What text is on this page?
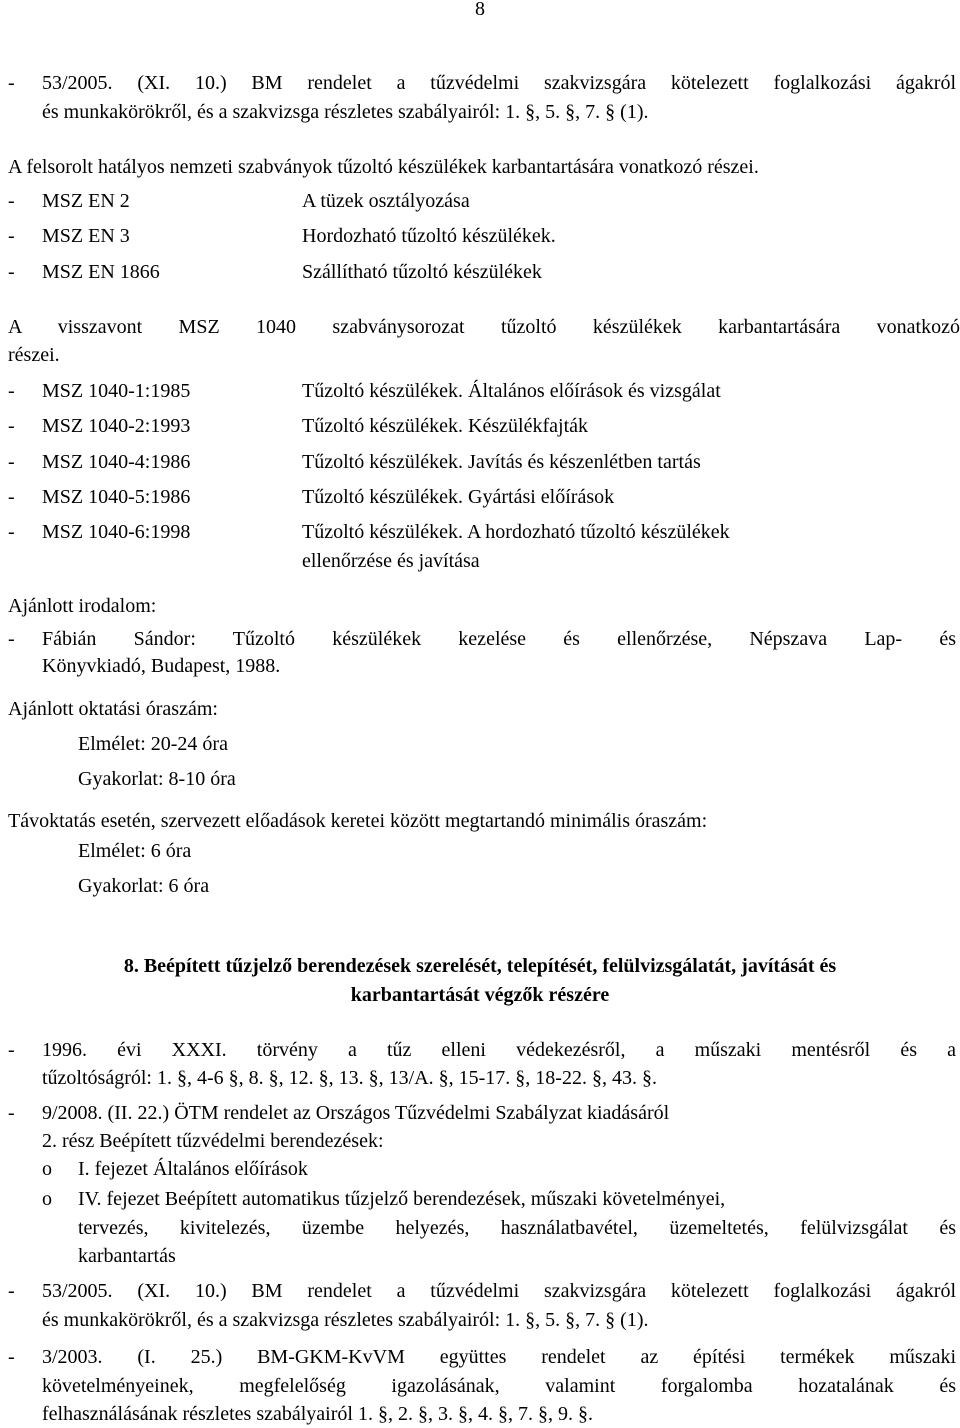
8
- 53/2005. (XI. 10.) BM rendelet a tűzvédelmi szakvizsgára kötelezett foglalkozási ágakról
és munkakörökről, és a szakvizsga részletes szabályairól: 1. §, 5. §, 7. § (1).
A felsorolt hatályos nemzeti szabványok tűzoltó készülékek karbantartására vonatkozó részei.
- MSZ EN 2	A tüzek osztályozása
- MSZ EN 3	Hordozható tűzoltó készülékek.
- MSZ EN 1866	Szállítható tűzoltó készülékek
A visszavont MSZ 1040 szabványsorozat tűzoltó készülékek karbantartására vonatkozó
részei.
- MSZ 1040-1:1985	Tűzoltó készülékek. Általános előírások és vizsgálat
- MSZ 1040-2:1993	Tűzoltó készülékek. Készülékfajták
- MSZ 1040-4:1986	Tűzoltó készülékek. Javítás és készenlétben tartás
- MSZ 1040-5:1986	Tűzoltó készülékek. Gyártási előírások
- MSZ 1040-6:1998	Tűzoltó készülékek. A hordozható tűzoltó készülékek
ellenőrzése és javítása
Ajánlott irodalom:
- Fábián Sándor: Tűzoltó készülékek kezelése és ellenőrzése, Népszava Lap- és
Könyvkiadó, Budapest, 1988.
Ajánlott oktatási óraszám:
Elmélet: 20-24 óra
Gyakorlat: 8-10 óra
Távoktatás esetén, szervezett előadások keretei között megtartandó minimális óraszám:
Elmélet: 6 óra
Gyakorlat: 6 óra
8. Beépített tűzjelző berendezések szerelését, telepítését, felülvizsgálatát, javítását és
karbantartását végzők részére
- 1996. évi XXXI. törvény a tűz elleni védekezésről, a műszaki mentésről és a
tűzoltóságról: 1. §, 4-6 §, 8. §, 12. §, 13. §, 13/A. §, 15-17. §, 18-22. §, 43. §.
- 9/2008. (II. 22.) ÖTM rendelet az Országos Tűzvédelmi Szabályzat kiadásáról
2. rész Beépített tűzvédelmi berendezések:
o I. fejezet Általános előírások
o IV. fejezet Beépített automatikus tűzjelző berendezések, műszaki követelményei,
tervezés, kivitelezés, üzembe helyezés, használatbavétel, üzemeltetés, felülvizsgálat és
karbantartás
- 53/2005. (XI. 10.) BM rendelet a tűzvédelmi szakvizsgára kötelezett foglalkozási ágakról
és munkakörökről, és a szakvizsga részletes szabályairól: 1. §, 5. §, 7. § (1).
- 3/2003. (I. 25.) BM-GKM-KvVM együttes rendelet az építési termékek műszaki
követelményeinek, megfelelőség igazolásának, valamint forgalomba hozatalának és
felhasználásának részletes szabályairól 1. §, 2. §, 3. §, 4. §, 7. §, 9. §.
